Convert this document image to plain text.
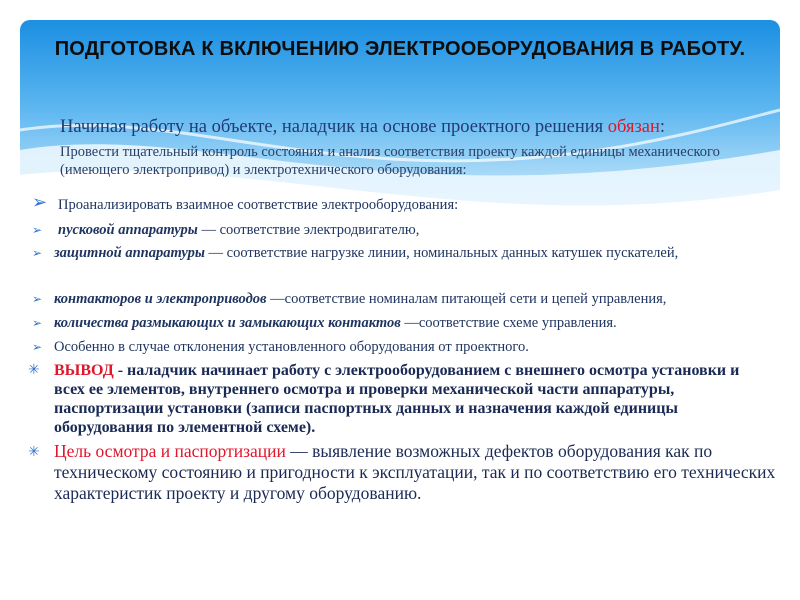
ПОДГОТОВКА К ВКЛЮЧЕНИЮ ЭЛЕКТРООБОРУДОВАНИЯ В РАБОТУ.
Начиная работу на объекте, наладчик на основе проектного решения обязан:
Провести тщательный контроль состояния и анализ соответствия проекту каждой единицы механического (имеющего электропривод) и электротехнического оборудования:
➢ Проанализировать взаимное соответствие электрооборудования:
➢ пусковой аппаратуры — соответствие электродвигателю,
➢ защитной аппаратуры — соответствие нагрузке линии, номинальных данных катушек пускателей,
➢ контакторов и электроприводов —соответствие номиналам питающей сети и цепей управления,
➢ количества размыкающих и замыкающих контактов —соответствие схеме управления.
➢ Особенно в случае отклонения установленного оборудования от проектного.
✳ ВЫВОД - наладчик начинает работу с электрооборудованием с внешнего осмотра установки и всех ее элементов, внутреннего осмотра и проверки механической части аппаратуры, паспортизации установки (записи паспортных данных и назначения каждой единицы оборудования по элементной схеме).
✳ Цель осмотра и паспортизации — выявление возможных дефектов оборудования как по техническому состоянию и пригодности к эксплуатации, так и по соответствию его технических характеристик проекту и другому оборудованию.
